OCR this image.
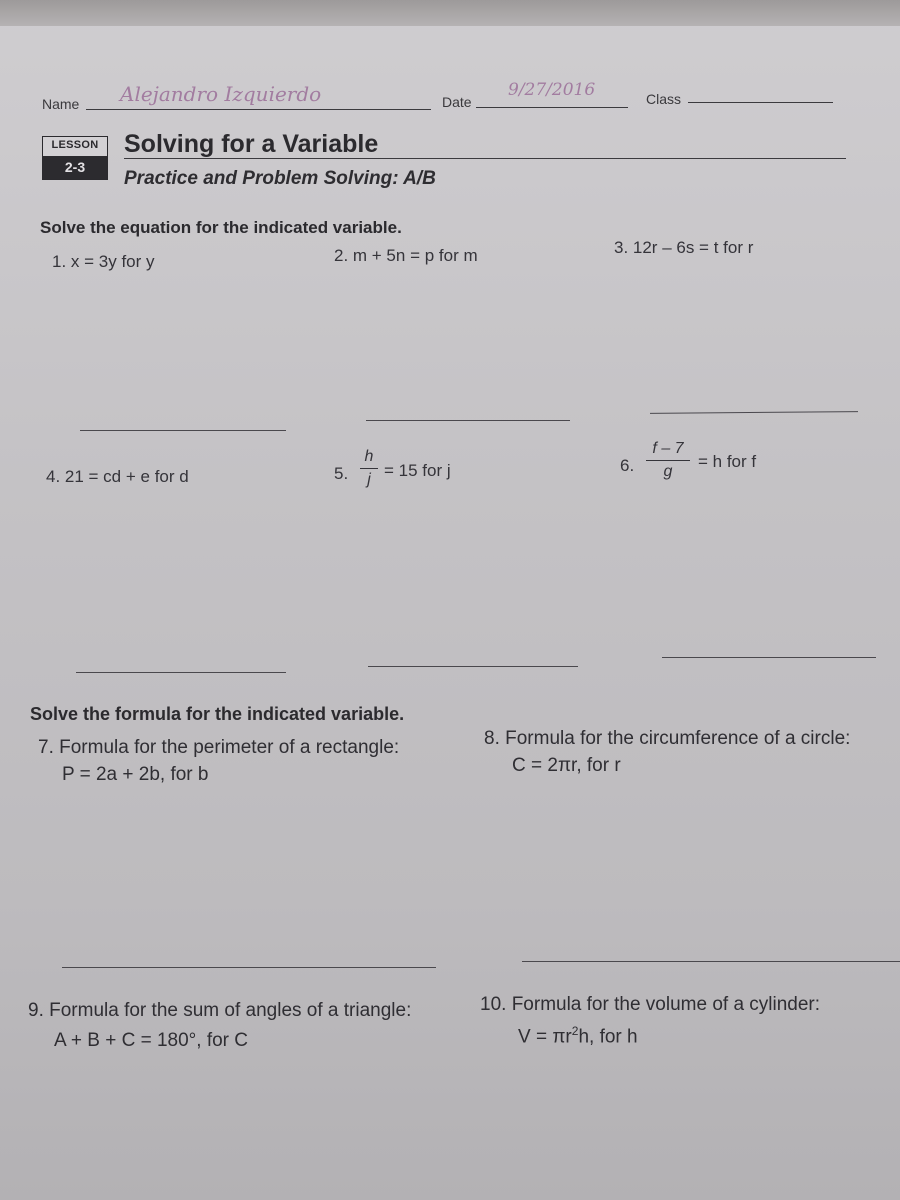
Name Alejandro Izquierdo	Date
9/27/2016	Class
LESSON
2-3
Solving for a Variable
Practice and Problem Solving: A/B
Solve the equation for the indicated variable.
1. x = 3y for y	2. m + 5n = p for m	3. 12r – 6s = t for r
4. 21 = cd + e for d	5.
h
j = 15 for j	6.
f – 7
g
= h for f
Solve the formula for the indicated variable.
7. Formula for the perimeter of a rectangle:
P = 2a + 2b, for b
8. Formula for the circumference of a circle:
C = 2πr, for r
9. Formula for the sum of angles of a triangle:
A + B + C = 180°, for C
10. Formula for the volume of a cylinder:
$V = \pi r^2h$, for h
